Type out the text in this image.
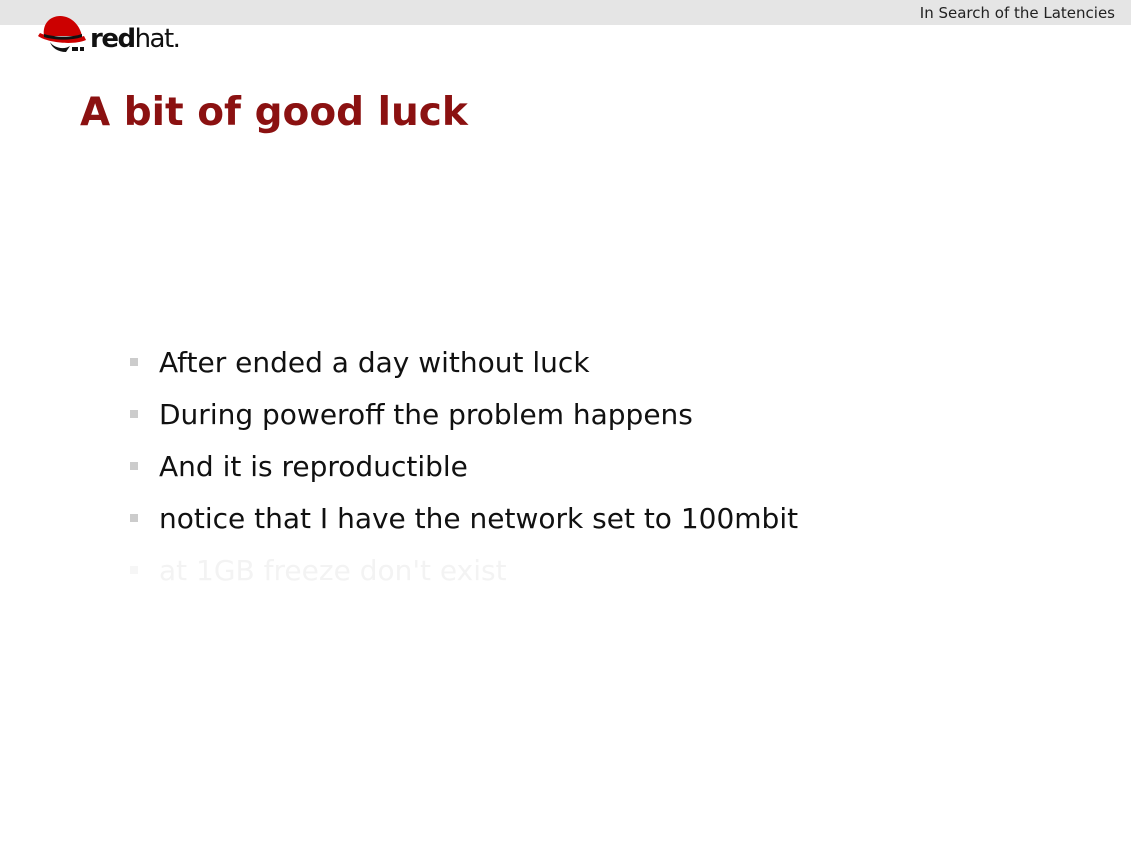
In Search of the Latencies
redhat.
A bit of good luck
After ended a day without luck
During poweroff the problem happens
And it is reproductible
notice that I have the network set to 100mbit
at 1GB freeze don't exist
